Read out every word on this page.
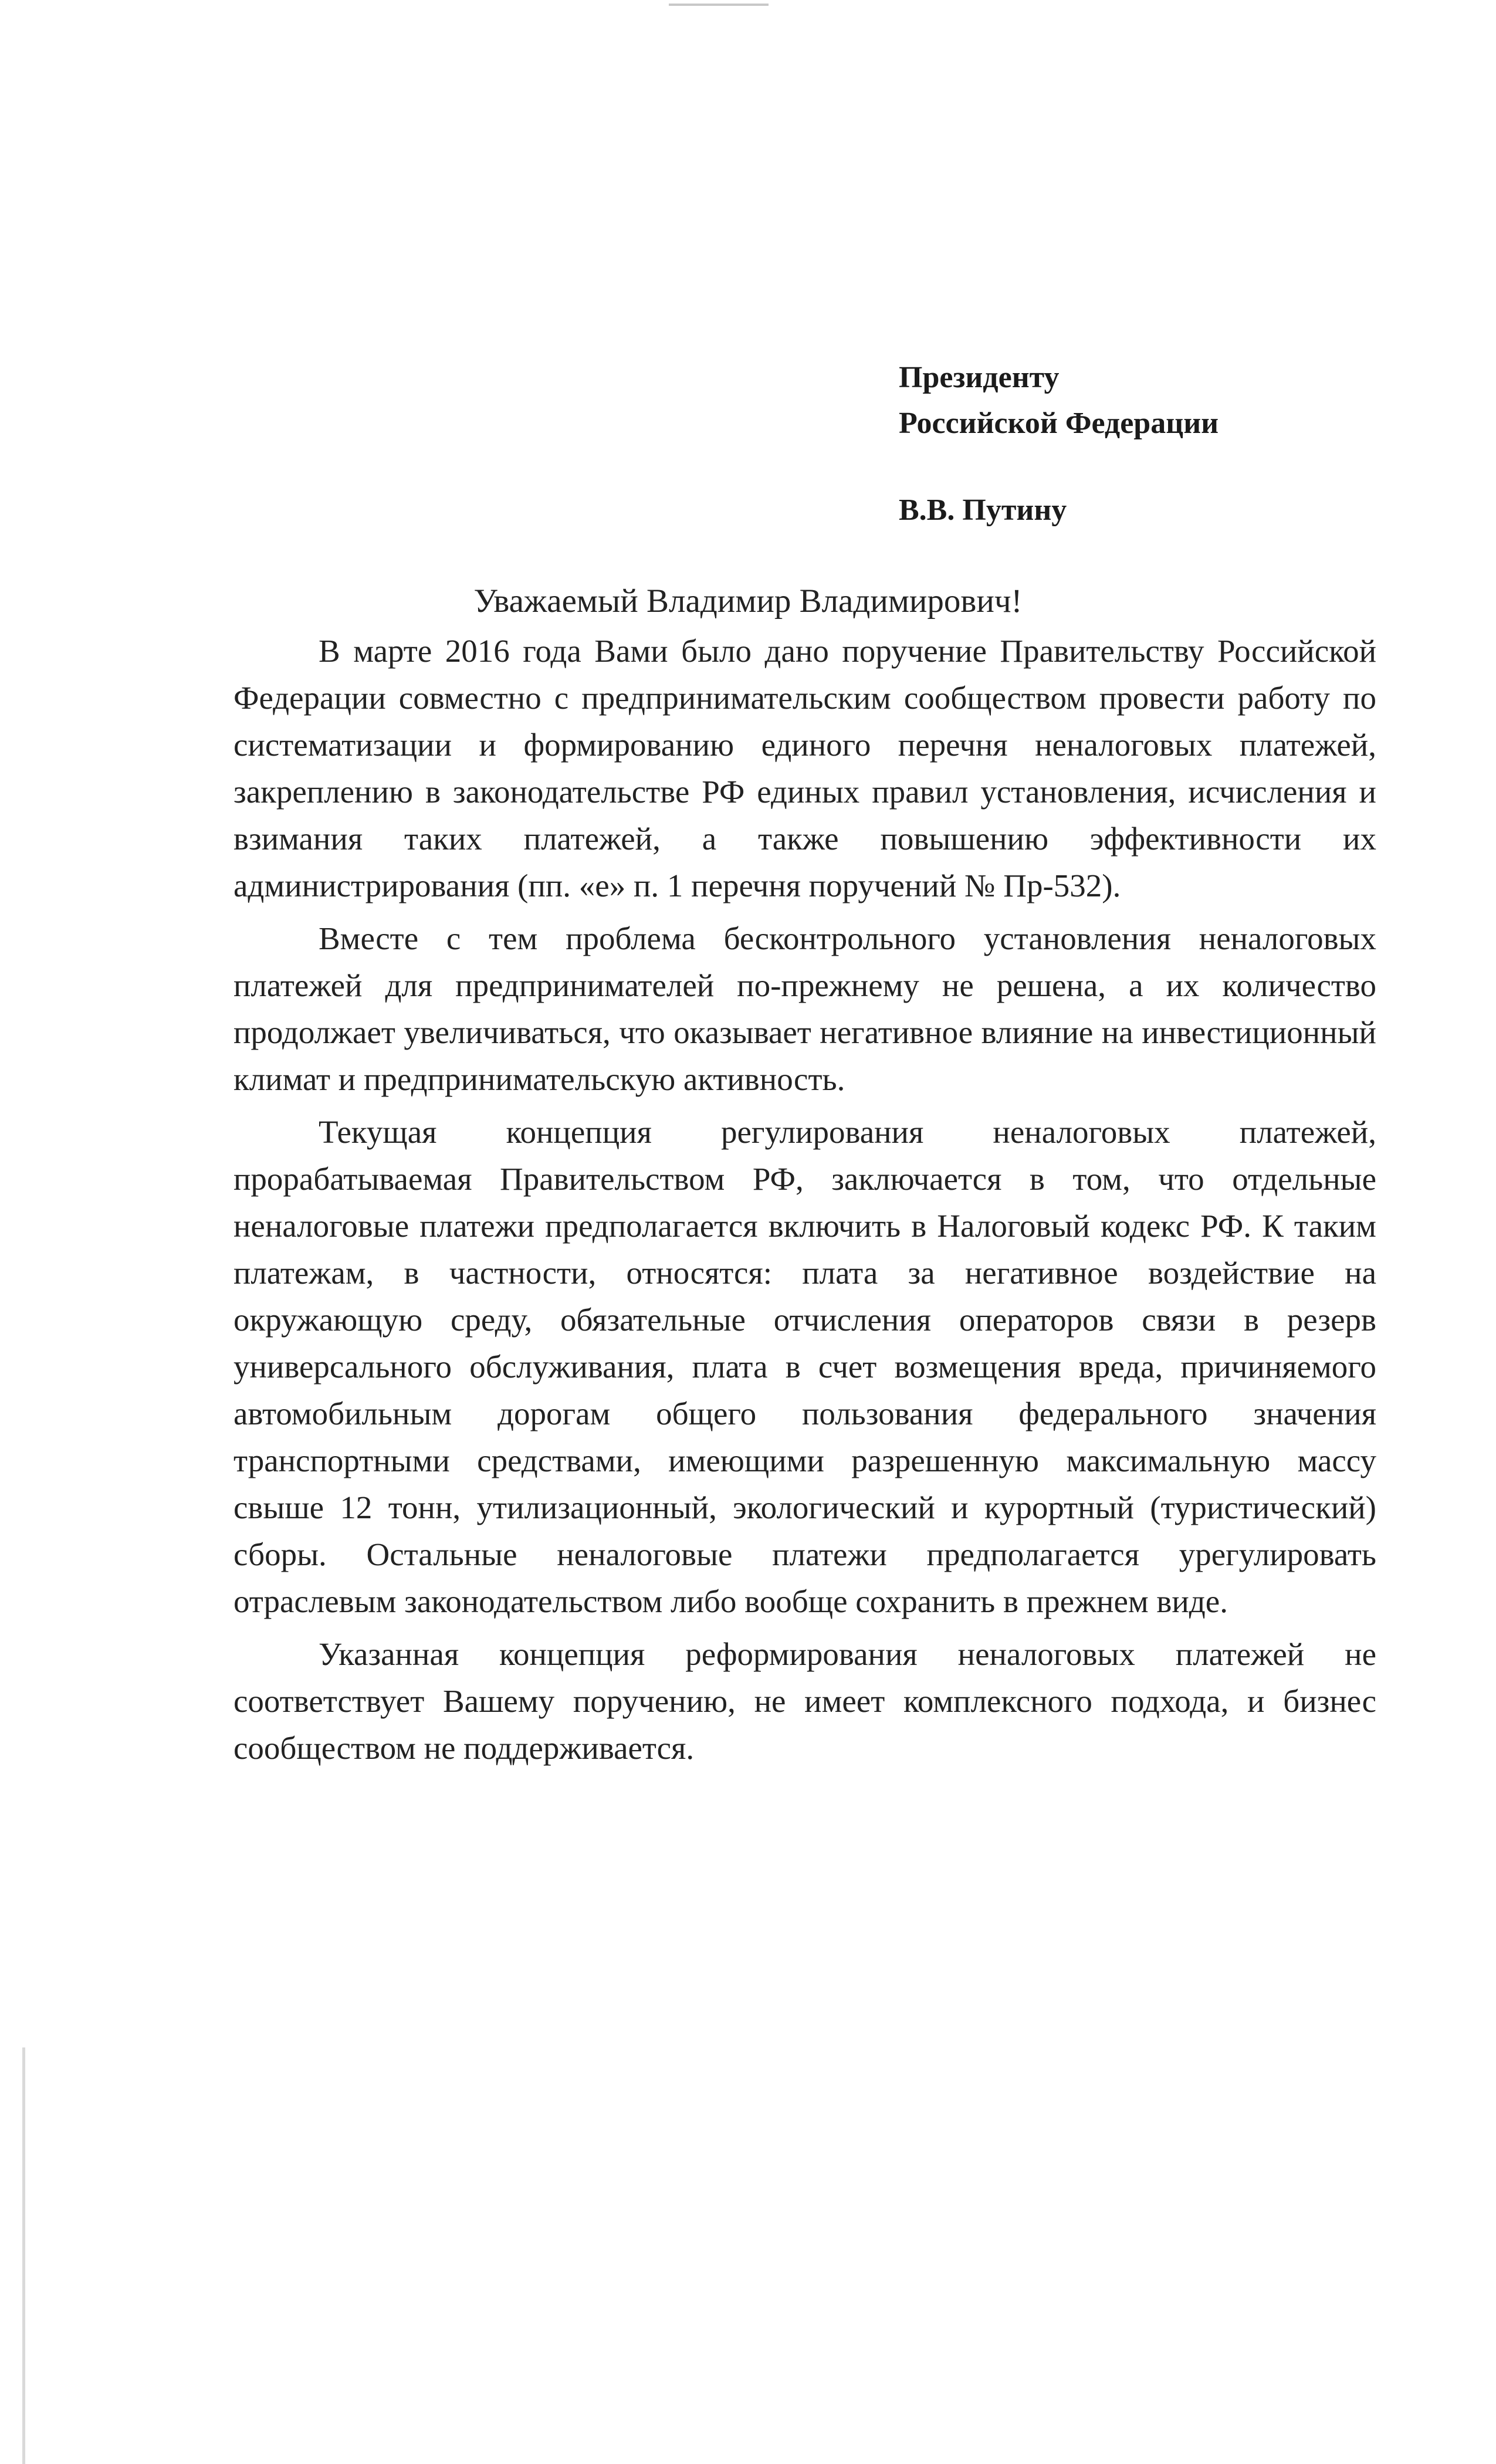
Президенту
Российской Федерации
В.В. Путину
Уважаемый Владимир Владимирович!

В марте 2016 года Вами было дано поручение Правительству Российской Федерации совместно с предпринимательским сообществом провести работу по систематизации и формированию единого перечня неналоговых платежей, закреплению в законодательстве РФ единых правил установления, исчисления и взимания таких платежей, а также повышению эффективности их администрирования (пп. «е» п. 1 перечня поручений № Пр-532).

Вместе с тем проблема бесконтрольного установления неналоговых платежей для предпринимателей по-прежнему не решена, а их количество продолжает увеличиваться, что оказывает негативное влияние на инвестиционный климат и предпринимательскую активность.

Текущая концепция регулирования неналоговых платежей, прорабатываемая Правительством РФ, заключается в том, что отдельные неналоговые платежи предполагается включить в Налоговый кодекс РФ. К таким платежам, в частности, относятся: плата за негативное воздействие на окружающую среду, обязательные отчисления операторов связи в резерв универсального обслуживания, плата в счет возмещения вреда, причиняемого автомобильным дорогам общего пользования федерального значения транспортными средствами, имеющими разрешенную максимальную массу свыше 12 тонн, утилизационный, экологический и курортный (туристический) сборы. Остальные неналоговые платежи предполагается урегулировать отраслевым законодательством либо вообще сохранить в прежнем виде.

Указанная концепция реформирования неналоговых платежей не соответствует Вашему поручению, не имеет комплексного подхода, и бизнес сообществом не поддерживается.
